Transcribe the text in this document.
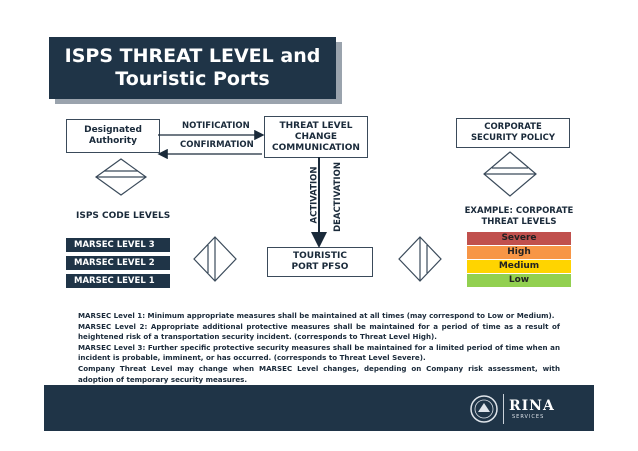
ISPS THREAT LEVEL and
Touristic Ports
Designated Authority
THREAT LEVEL CHANGE COMMUNICATION
CORPORATE SECURITY POLICY
TOURISTIC PORT PFSO
NOTIFICATION
CONFIRMATION
ISPS CODE LEVELS	EXAMPLE: CORPORATE THREAT LEVELS
ACTIVATION DEACTIVATION
MARSEC LEVEL 3
MARSEC LEVEL 2
MARSEC LEVEL 1
Severe
High
Medium
Low

MARSEC Level 1: Minimum appropriate measures shall be maintained at all times (may correspond to Low or Medium).

MARSEC Level 2: Appropriate additional protective measures shall be maintained for a period of time as a result of heightened risk of a transportation security incident. (corresponds to Threat Level High).

MARSEC Level 3: Further specific protective security measures shall be maintained for a limited period of time when an incident is probable, imminent, or has occurred. (corresponds to Threat Level Severe).

Company Threat Level may change when MARSEC Level changes, depending on Company risk assessment, with adoption of temporary security measures.

RINA
SERVICES
